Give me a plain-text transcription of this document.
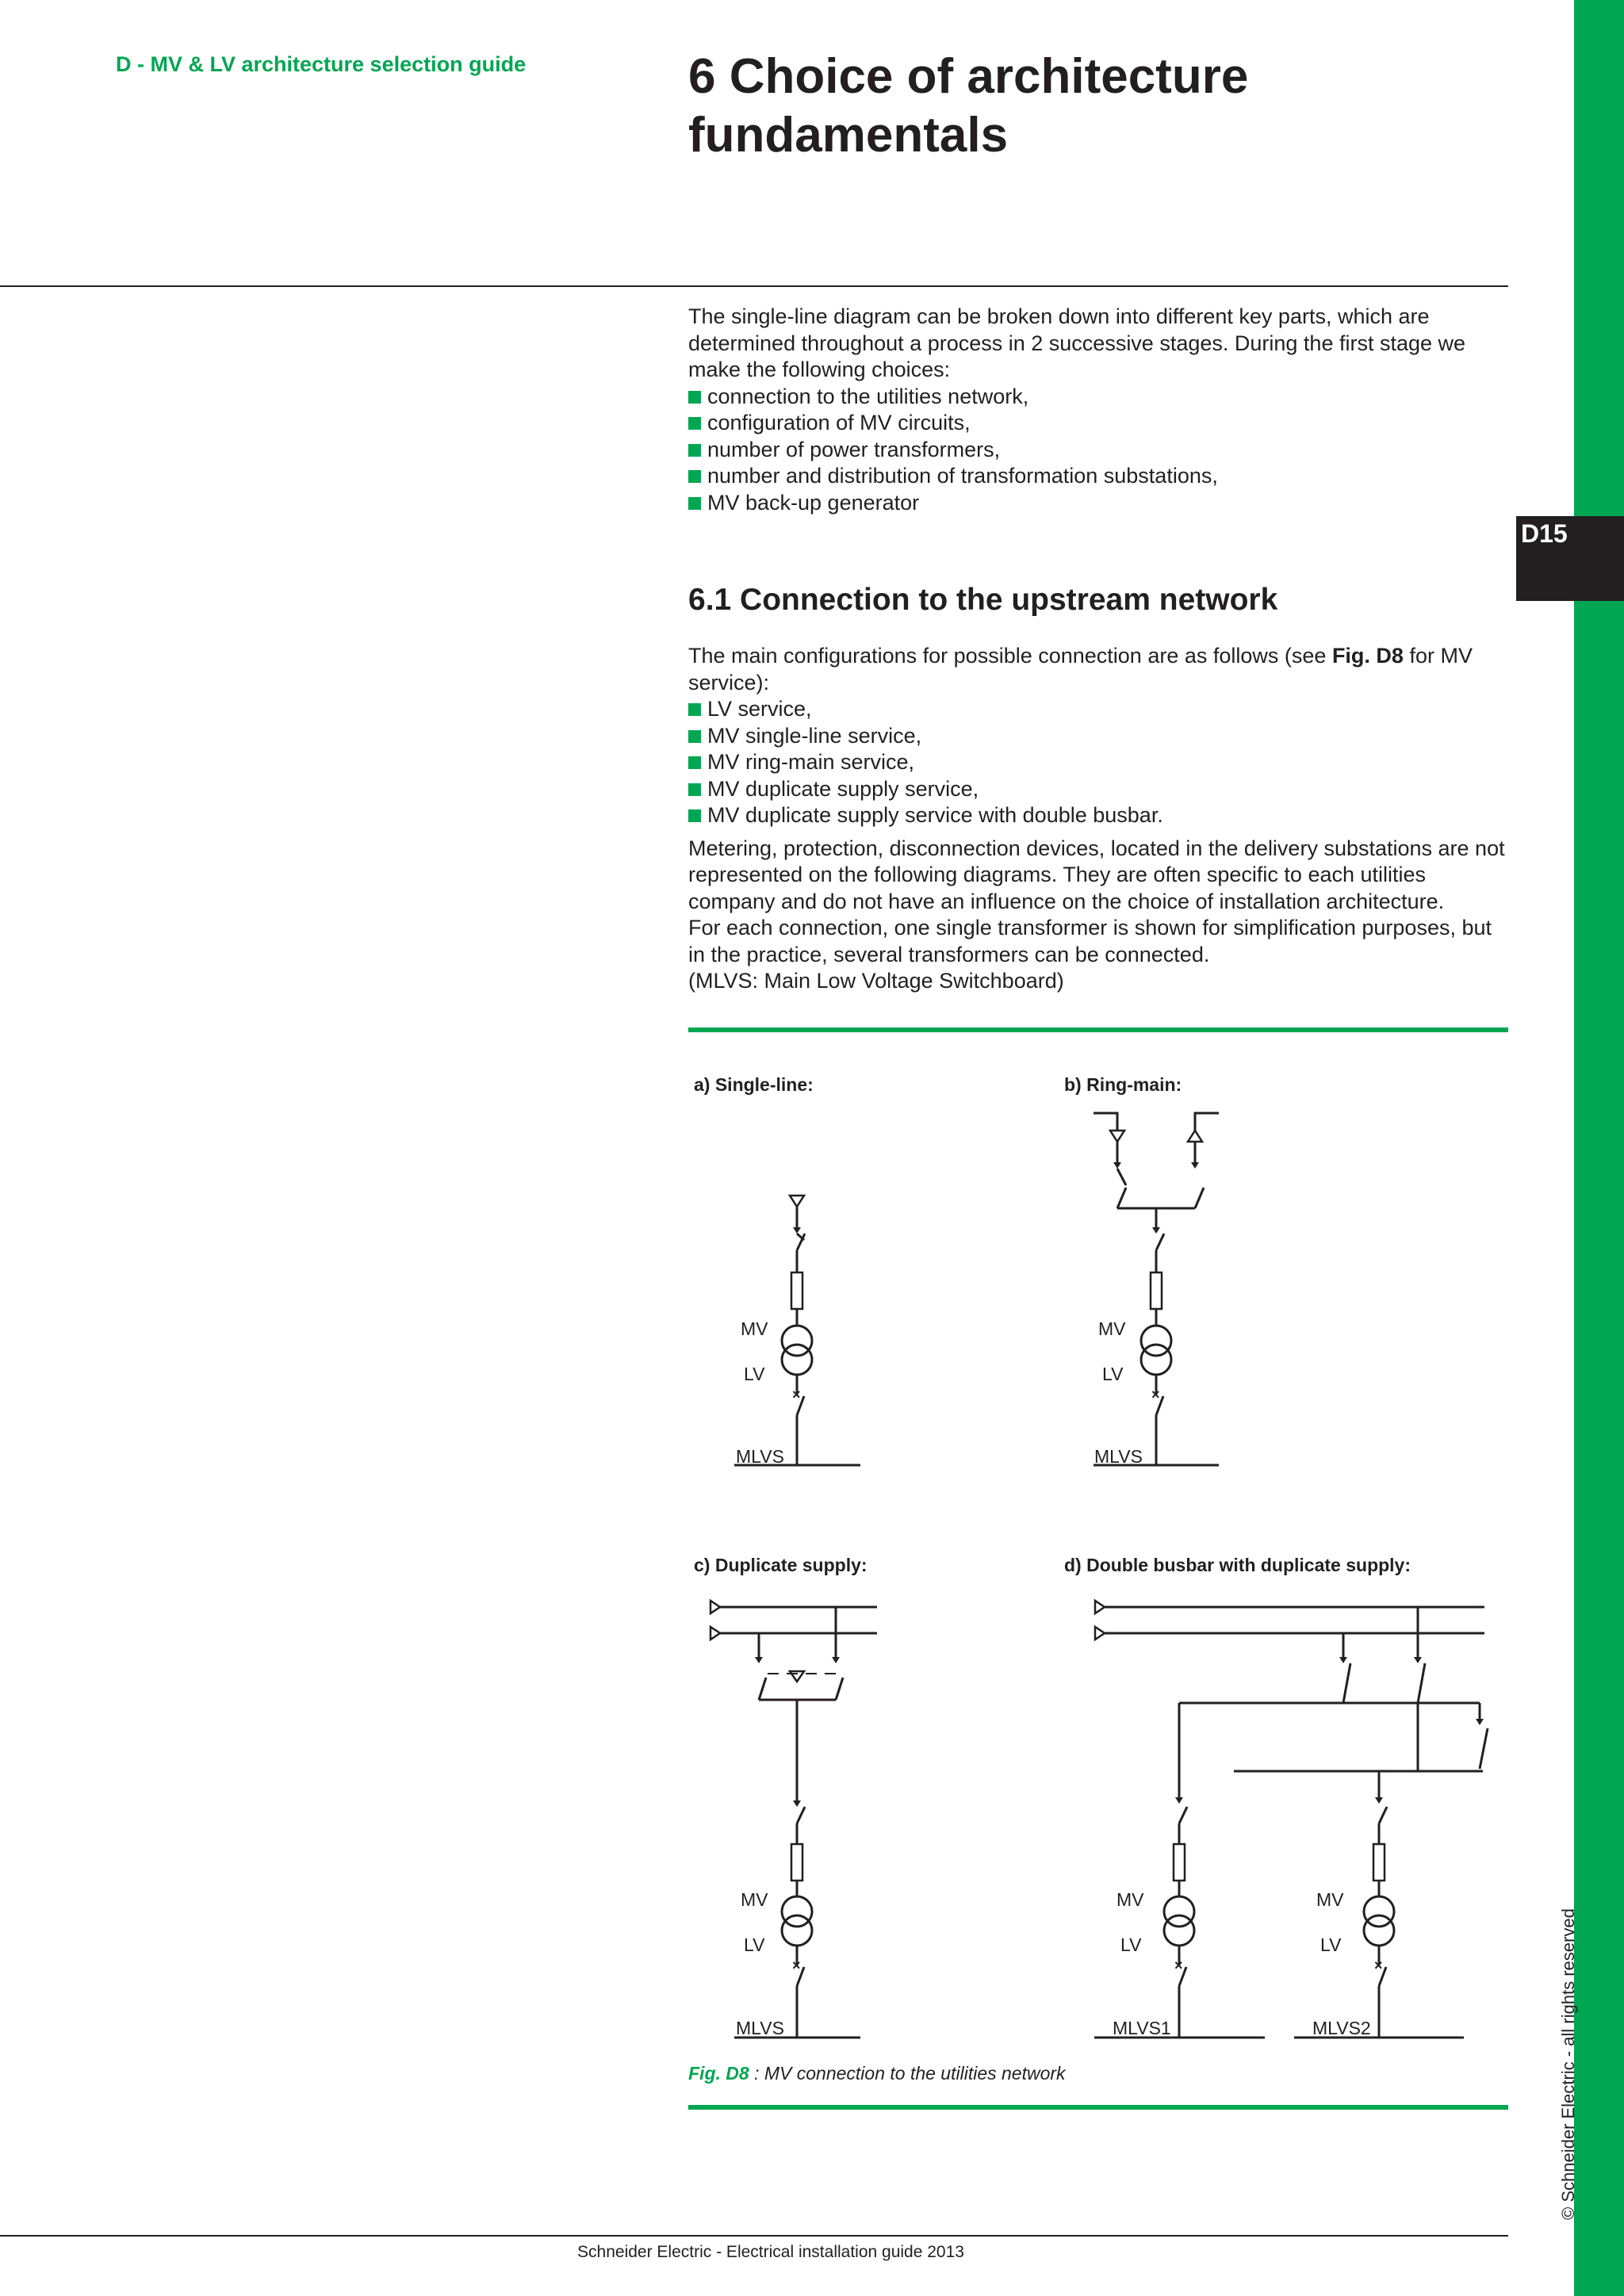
D15
© Schneider Electric - all rights reserved
D - MV & LV architecture selection guide	6 Choice of architecture fundamentals

The single-line diagram can be broken down into different key parts, which are determined throughout a process in 2 successive stages. During the first stage we make the following choices:

connection to the utilities network,
configuration of MV circuits,
number of power transformers,
number and distribution of transformation substations,
MV back-up generator
6.1 Connection to the upstream network

The main configurations for possible connection are as follows (see Fig. D8 for MV service):

LV service,
MV single-line service,
MV ring-main service,
MV duplicate supply service,
MV duplicate supply service with double busbar.

Metering, protection, disconnection devices, located in the delivery substations are not represented on the following diagrams. They are often specific to each utilities company and do not have an influence on the choice of installation architecture.

For each connection, one single transformer is shown for simplification purposes, but in the practice, several transformers can be connected.

(MLVS: Main Low Voltage Switchboard)

a) Single-line:	b) Ring-main:
c) Duplicate supply:	d) Double busbar with duplicate supply:
×
MV
LV
MLVS
×
MV
LV
MLVS
×
MV
LV
MLVS
×	×
MV
LV
MV
LV
MLVS1	MLVS2
Fig. D8 : MV connection to the utilities network
Schneider Electric - Electrical installation guide 2013
